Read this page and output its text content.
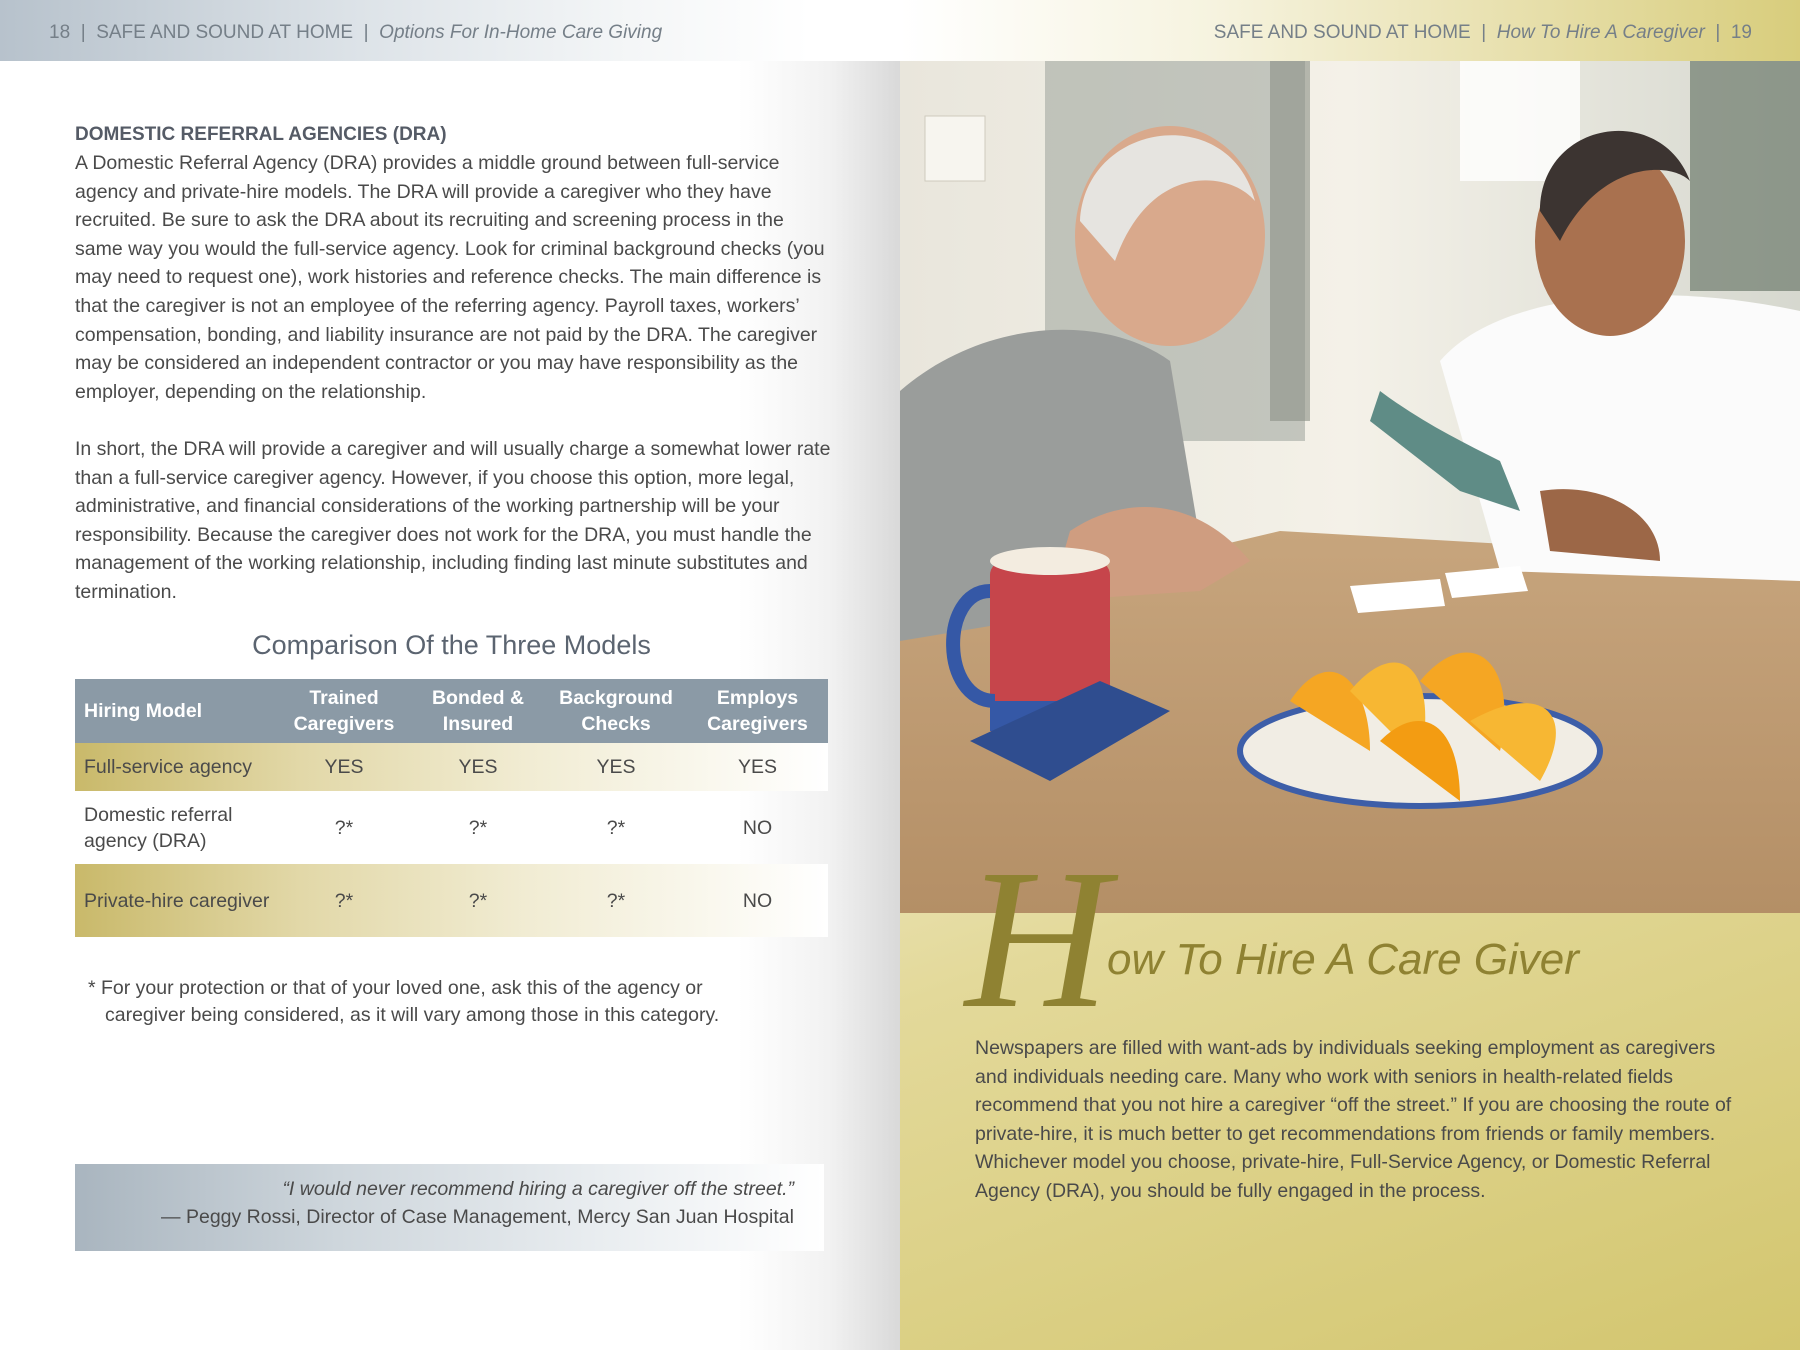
18  |  SAFE AND SOUND AT HOME  |  Options For In-Home Care Giving
DOMESTIC REFERRAL AGENCIES (DRA)
A Domestic Referral Agency (DRA) provides a middle ground between full-service agency and private-hire models. The DRA will provide a caregiver who they have recruited. Be sure to ask the DRA about its recruiting and screening process in the same way you would the full-service agency. Look for criminal background checks (you may need to request one), work histories and reference checks. The main difference is that the caregiver is not an employee of the referring agency. Payroll taxes, workers’ compensation, bonding, and liability insurance are not paid by the DRA. The caregiver may be considered an independent contractor or you may have responsibility as the employer, depending on the relationship.
In short, the DRA will provide a caregiver and will usually charge a somewhat lower rate than a full-service caregiver agency. However, if you choose this option, more legal, administrative, and financial considerations of the working partnership will be your responsibility. Because the caregiver does not work for the DRA, you must handle the management of the working relationship, including finding last minute substitutes and termination.
Comparison Of the Three Models
Hiring Model	Trained Caregivers	Bonded & Insured	Background Checks	Employs Caregivers
Full-service agency	YES	YES	YES	YES
Domestic referral agency (DRA)	?*	?*	?*	NO
Private-hire caregiver	?*	?*	?*	NO
* For your protection or that of your loved one, ask this of the agency or
caregiver being considered, as it will vary among those in this category.
“I would never recommend hiring a caregiver off the street.”
— Peggy Rossi, Director of Case Management, Mercy San Juan Hospital
SAFE AND SOUND AT HOME  |  How To Hire A Caregiver  |  19
H
ow To Hire A Care Giver
Newspapers are filled with want-ads by individuals seeking employment as caregivers and individuals needing care. Many who work with seniors in health-related fields recommend that you not hire a caregiver “off the street.” If you are choosing the route of private-hire, it is much better to get recommendations from friends or family members. Whichever model you choose, private-hire, Full-Service Agency, or Domestic Referral Agency (DRA), you should be fully engaged in the process.
